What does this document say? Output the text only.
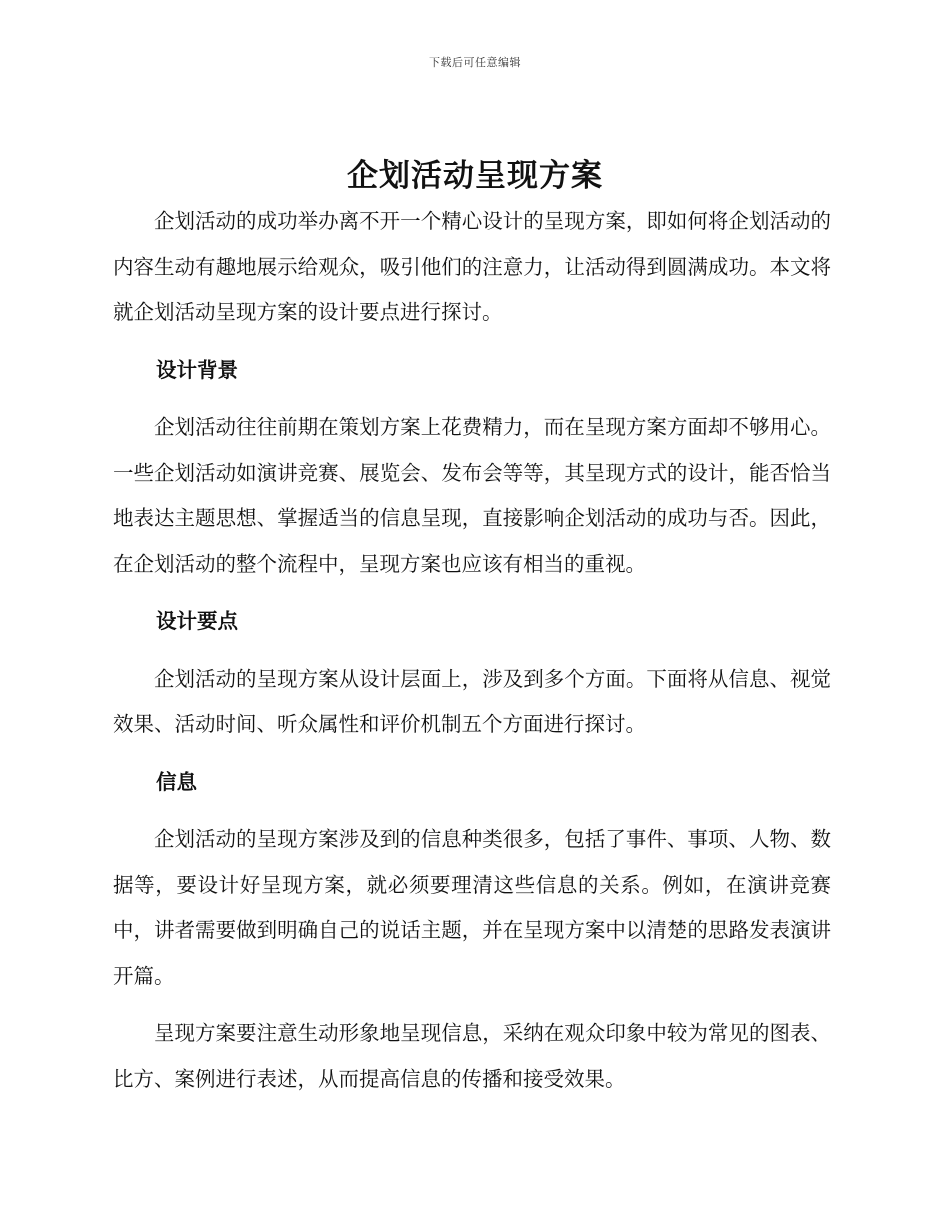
下载后可任意编辑
企划活动呈现方案

企划活动的成功举办离不开一个精心设计的呈现方案，即如何将企划活动的内容生动有趣地展示给观众，吸引他们的注意力，让活动得到圆满成功。本文将就企划活动呈现方案的设计要点进行探讨。

设计背景

企划活动往往前期在策划方案上花费精力，而在呈现方案方面却不够用心。一些企划活动如演讲竞赛、展览会、发布会等等，其呈现方式的设计，能否恰当地表达主题思想、掌握适当的信息呈现，直接影响企划活动的成功与否。因此，在企划活动的整个流程中，呈现方案也应该有相当的重视。

设计要点

企划活动的呈现方案从设计层面上，涉及到多个方面。下面将从信息、视觉效果、活动时间、听众属性和评价机制五个方面进行探讨。

信息

企划活动的呈现方案涉及到的信息种类很多，包括了事件、事项、人物、数据等，要设计好呈现方案，就必须要理清这些信息的关系。例如，在演讲竞赛中，讲者需要做到明确自己的说话主题，并在呈现方案中以清楚的思路发表演讲开篇。

呈现方案要注意生动形象地呈现信息，采纳在观众印象中较为常见的图表、比方、案例进行表述，从而提高信息的传播和接受效果。
